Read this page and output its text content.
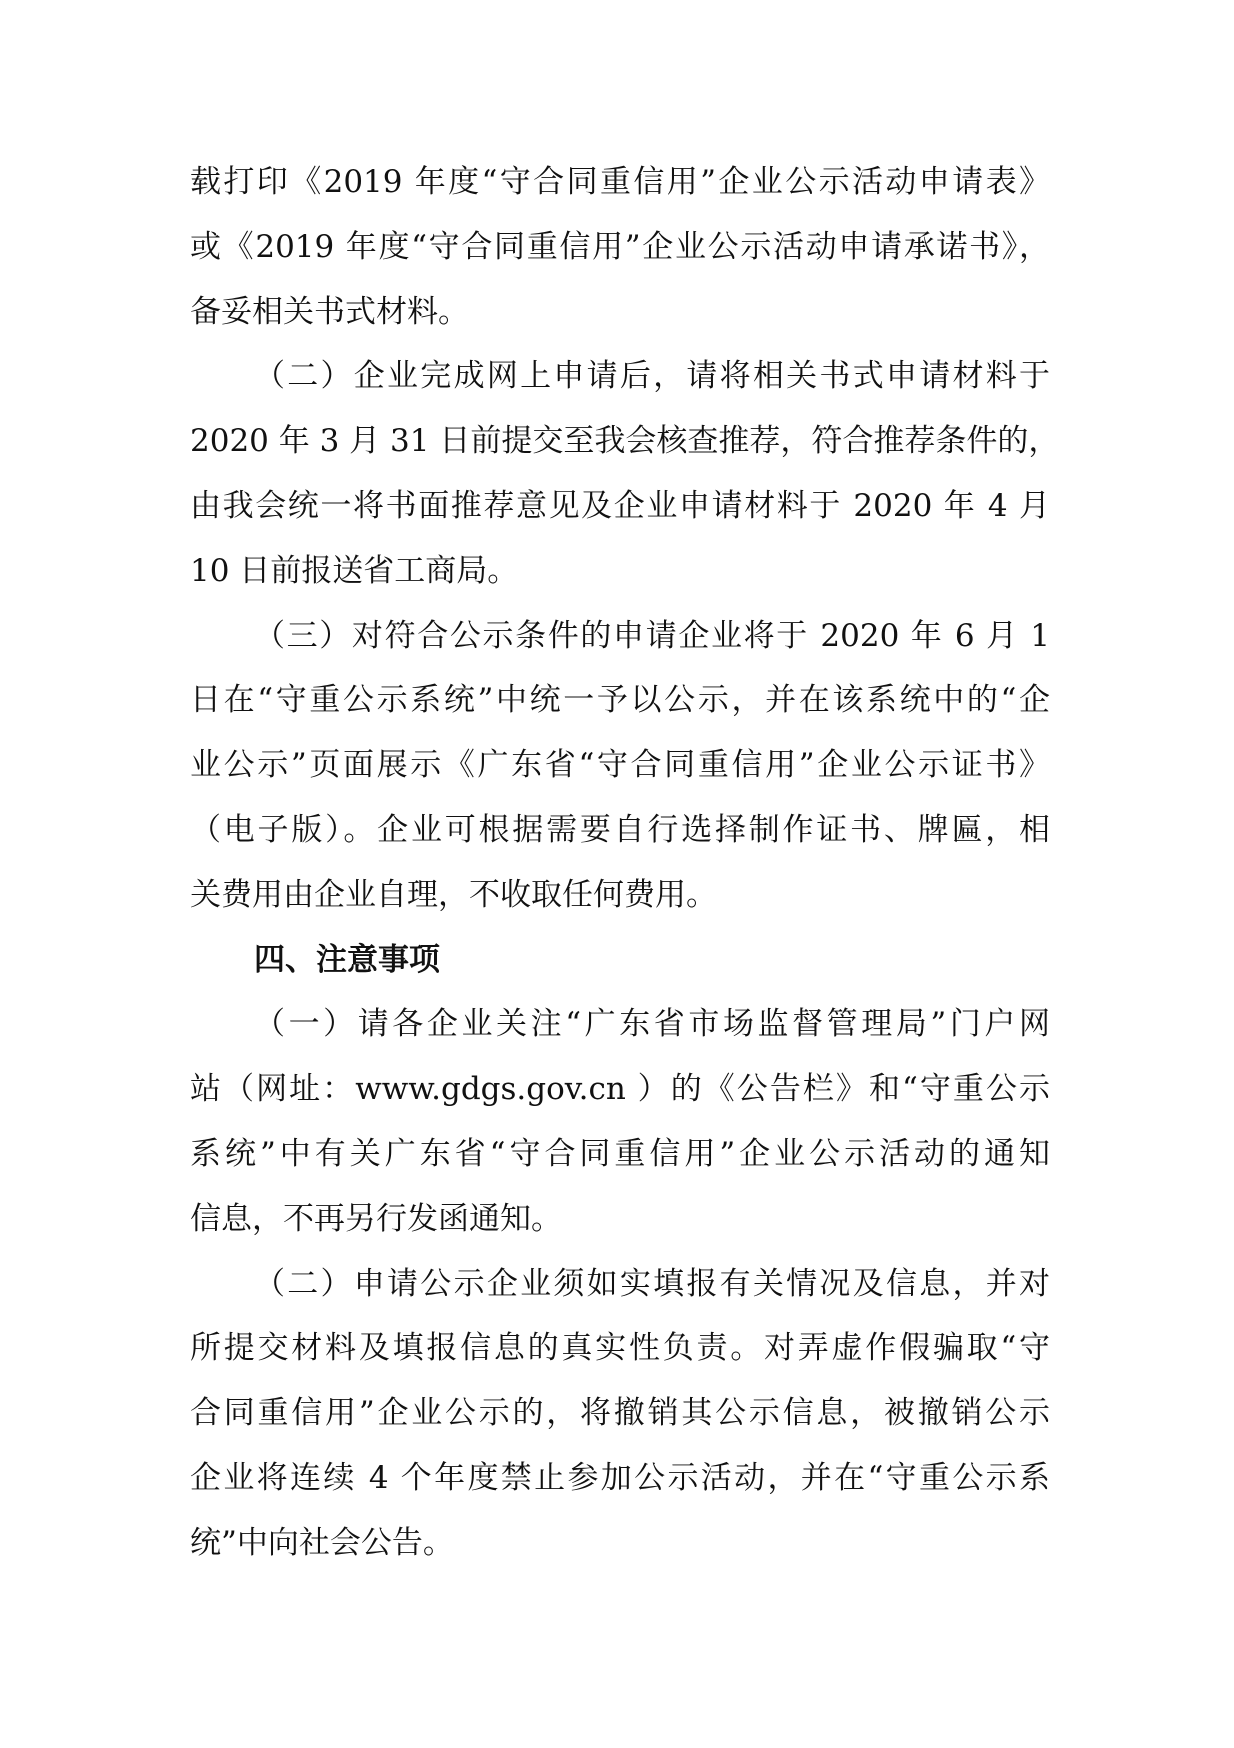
载打印《2019 年度“守合同重信用”企业公示活动申请表》
或《2019 年度“守合同重信用”企业公示活动申请承诺书》，
备妥相关书式材料。
（二）企业完成网上申请后，请将相关书式申请材料于
2020 年 3 月 31 日前提交至我会核查推荐，符合推荐条件的，
由我会统一将书面推荐意见及企业申请材料于 2020 年 4 月
10 日前报送省工商局。
（三）对符合公示条件的申请企业将于 2020 年 6 月 1
日在“守重公示系统”中统一予以公示，并在该系统中的“企
业公示”页面展示《广东省“守合同重信用”企业公示证书》
（电子版）。企业可根据需要自行选择制作证书、牌匾，相
关费用由企业自理，不收取任何费用。
四、注意事项
（一）请各企业关注“广东省市场监督管理局”门户网
站（网址：www.gdgs.gov.cn ）的《公告栏》和“守重公示
系统”中有关广东省“守合同重信用”企业公示活动的通知
信息，不再另行发函通知。
（二）申请公示企业须如实填报有关情况及信息，并对
所提交材料及填报信息的真实性负责。对弄虚作假骗取“守
合同重信用”企业公示的，将撤销其公示信息，被撤销公示
企业将连续 4 个年度禁止参加公示活动，并在“守重公示系
统”中向社会公告。
